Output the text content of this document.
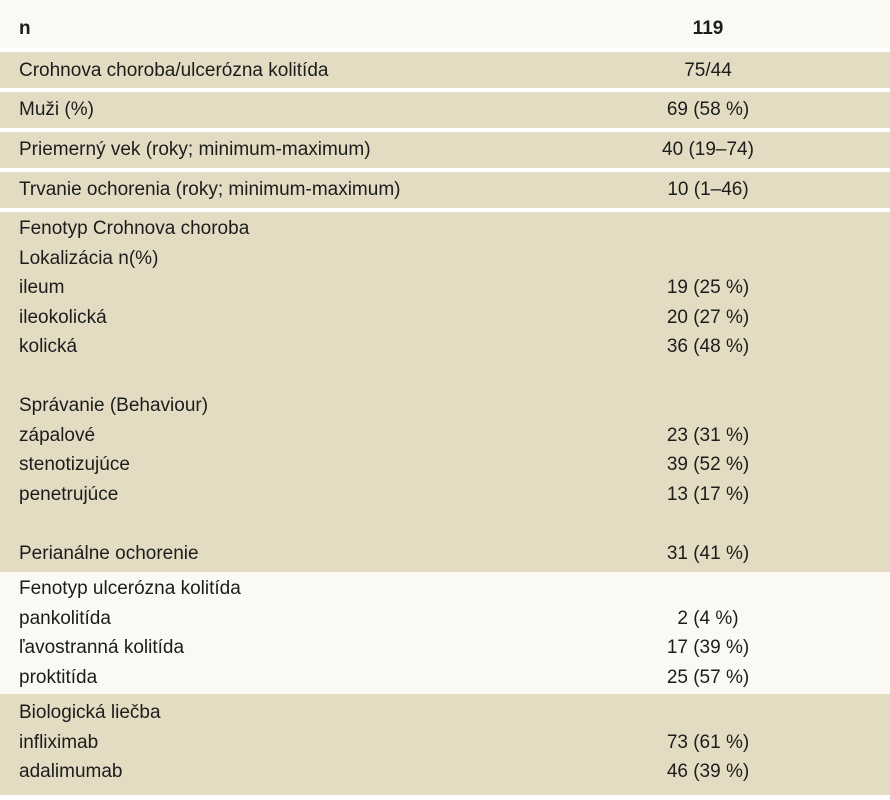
n	119
Crohnova choroba/ulcerózna kolitída	75/44
Muži (%)	69 (58 %)
Priemerný vek (roky; minimum-maximum)	40 (19–74)
Trvanie ochorenia (roky; minimum-maximum)	10 (1–46)
Fenotyp Crohnova choroba
Lokalizácia n(%)
ileum	19 (25 %)
ileokolická	20 (27 %)
kolická	36 (48 %)
Správanie (Behaviour)
zápalové	23 (31 %)
stenotizujúce	39 (52 %)
penetrujúce	13 (17 %)
Perianálne ochorenie	31 (41 %)
Fenotyp ulcerózna kolitída
pankolitída	2 (4 %)
ľavostranná kolitída	17 (39 %)
proktitída	25 (57 %)
Biologická liečba
infliximab	73 (61 %)
adalimumab	46 (39 %)
